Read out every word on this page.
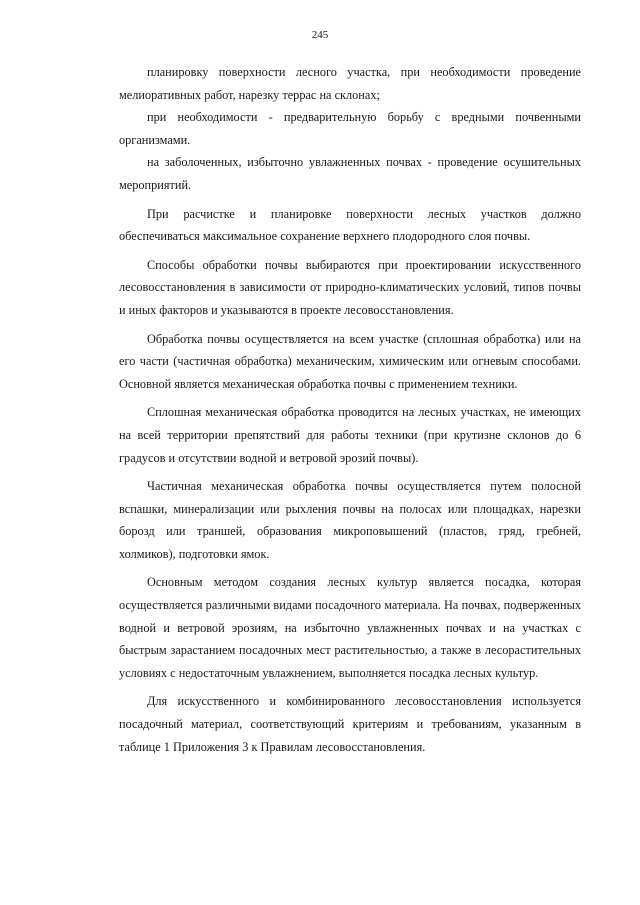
245

планировку поверхности лесного участка, при необходимости проведение мелиоративных работ, нарезку террас на склонах;

при необходимости - предварительную борьбу с вредными почвенными организмами.

на заболоченных, избыточно увлажненных почвах - проведение осушительных мероприятий.

При расчистке и планировке поверхности лесных участков должно обеспечиваться максимальное сохранение верхнего плодородного слоя почвы.

Способы обработки почвы выбираются при проектировании искусственного лесовосстановления в зависимости от природно-климатических условий, типов почвы и иных факторов и указываются в проекте лесовосстановления.

Обработка почвы осуществляется на всем участке (сплошная обработка) или на его части (частичная обработка) механическим, химическим или огневым способами. Основной является механическая обработка почвы с применением техники.

Сплошная механическая обработка проводится на лесных участках, не имеющих на всей территории препятствий для работы техники (при крутизне склонов до 6 градусов и отсутствии водной и ветровой эрозий почвы).

Частичная механическая обработка почвы осуществляется путем полосной вспашки, минерализации или рыхления почвы на полосах или площадках, нарезки борозд или траншей, образования микроповышений (пластов, гряд, гребней, холмиков), подготовки ямок.

Основным методом создания лесных культур является посадка, которая осуществляется различными видами посадочного материала. На почвах, подверженных водной и ветровой эрозиям, на избыточно увлажненных почвах и на участках с быстрым зарастанием посадочных мест растительностью, а также в лесорастительных условиях с недостаточным увлажнением, выполняется посадка лесных культур.

Для искусственного и комбинированного лесовосстановления используется посадочный материал, соответствующий критериям и требованиям, указанным в таблице 1 Приложения 3 к Правилам лесовосстановления.
